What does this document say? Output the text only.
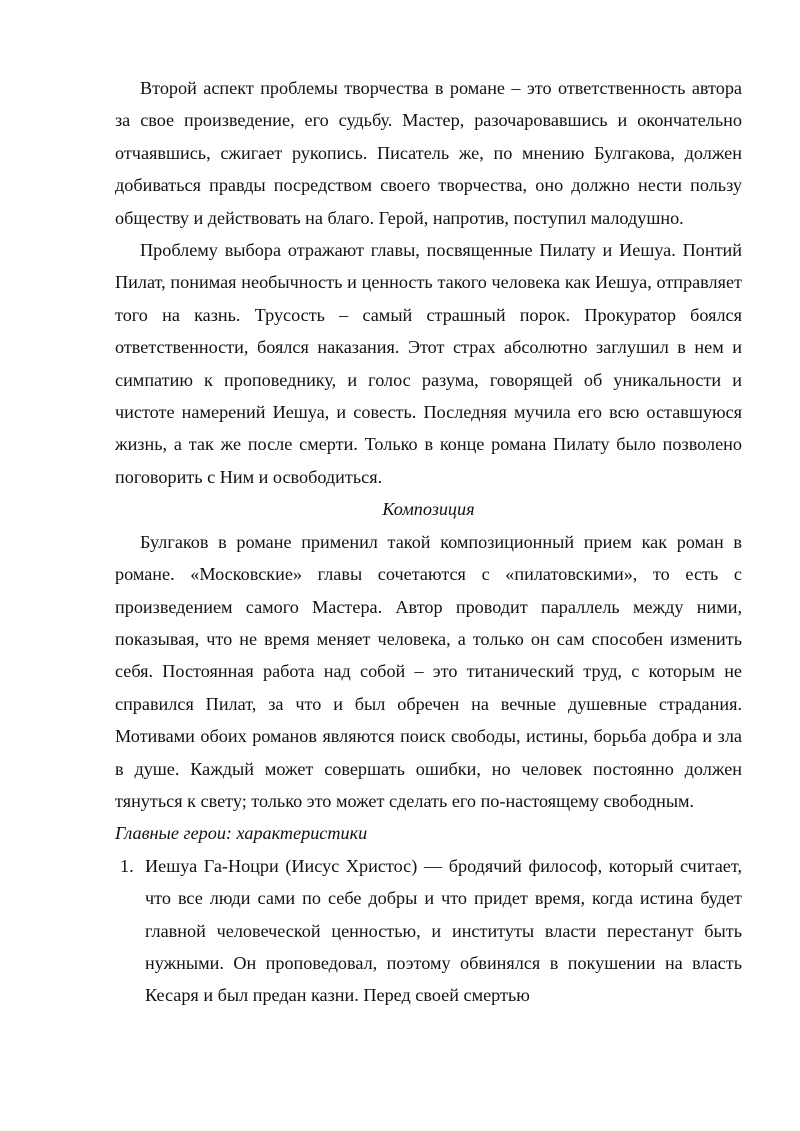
Второй аспект проблемы творчества в романе – это ответственность автора за свое произведение, его судьбу. Мастер, разочаровавшись и окончательно отчаявшись, сжигает рукопись. Писатель же, по мнению Булгакова, должен добиваться правды посредством своего творчества, оно должно нести пользу обществу и действовать на благо. Герой, напротив, поступил малодушно.

Проблему выбора отражают главы, посвященные Пилату и Иешуа. Понтий Пилат, понимая необычность и ценность такого человека как Иешуа, отправляет того на казнь. Трусость – самый страшный порок. Прокуратор боялся ответственности, боялся наказания. Этот страх абсолютно заглушил в нем и симпатию к проповеднику, и голос разума, говорящей об уникальности и чистоте намерений Иешуа, и совесть. Последняя мучила его всю оставшуюся жизнь, а так же после смерти. Только в конце романа Пилату было позволено поговорить с Ним и освободиться.

Композиция

Булгаков в романе применил такой композиционный прием как роман в романе. «Московские» главы сочетаются с «пилатовскими», то есть с произведением самого Мастера. Автор проводит параллель между ними, показывая, что не время меняет человека, а только он сам способен изменить себя. Постоянная работа над собой – это титанический труд, с которым не справился Пилат, за что и был обречен на вечные душевные страдания. Мотивами обоих романов являются поиск свободы, истины, борьба добра и зла в душе. Каждый может совершать ошибки, но человек постоянно должен тянуться к свету; только это может сделать его по-настоящему свободным.

Главные герои: характеристики

1. Иешуа Га-Ноцри (Иисус Христос) — бродячий философ, который считает, что все люди сами по себе добры и что придет время, когда истина будет главной человеческой ценностью, и институты власти перестанут быть нужными. Он проповедовал, поэтому обвинялся в покушении на власть Кесаря и был предан казни. Перед своей смертью
